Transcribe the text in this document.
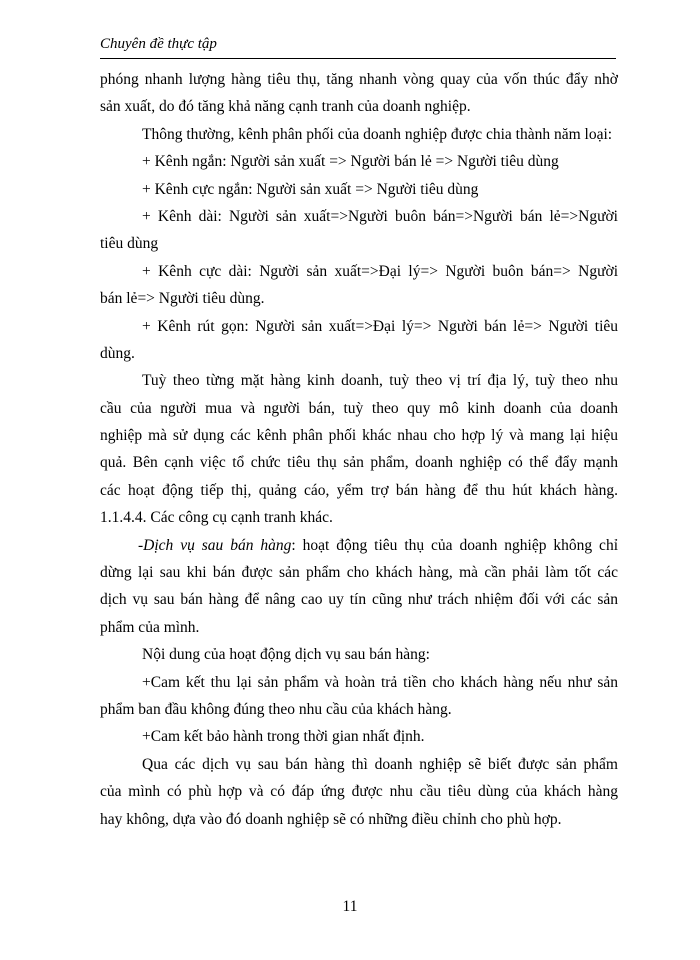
Chuyên đề thực tập
phóng nhanh lượng hàng tiêu thụ, tăng nhanh vòng quay của vốn thúc đẩy nhờ
sản xuất, do đó tăng khả năng cạnh tranh của doanh nghiệp.
Thông thường, kênh phân phối của doanh nghiệp được chia thành năm loại:
+ Kênh ngắn: Người sản xuất => Người bán lẻ => Người tiêu dùng
+ Kênh cực ngắn: Người sản xuất => Người tiêu dùng
+ Kênh dài: Người sản xuất=>Người buôn bán=>Người bán lẻ=>Người
tiêu dùng
+ Kênh cực dài: Người sản xuất=>Đại lý=> Người buôn bán=> Người
bán lẻ=> Người tiêu dùng.
+ Kênh rút gọn: Người sản xuất=>Đại lý=> Người bán lẻ=> Người tiêu
dùng.
Tuỳ theo từng mặt hàng kinh doanh, tuỳ theo vị trí địa lý, tuỳ theo nhu
cầu của người mua và người bán, tuỳ theo quy mô kinh doanh của doanh
nghiệp mà sử dụng các kênh phân phối khác nhau cho hợp lý và mang lại hiệu
quả. Bên cạnh việc tổ chức tiêu thụ sản phẩm, doanh nghiệp có thể đẩy mạnh
các hoạt động tiếp thị, quảng cáo, yểm trợ bán hàng để thu hút khách hàng.
1.1.4.4. Các công cụ cạnh tranh khác.
-Dịch vụ sau bán hàng: hoạt động tiêu thụ của doanh nghiệp không chỉ
dừng lại sau khi bán được sản phẩm cho khách hàng, mà cần phải làm tốt các
dịch vụ sau bán hàng để nâng cao uy tín cũng như trách nhiệm đối với các sản
phẩm của mình.
Nội dung của hoạt động dịch vụ sau bán hàng:
+Cam kết thu lại sản phẩm và hoàn trả tiền cho khách hàng nếu như sản
phẩm ban đầu không đúng theo nhu cầu của khách hàng.
+Cam kết bảo hành trong thời gian nhất định.
Qua các dịch vụ sau bán hàng thì doanh nghiệp sẽ biết được sản phẩm
của mình có phù hợp và có đáp ứng được nhu cầu tiêu dùng của khách hàng
hay không, dựa vào đó doanh nghiệp sẽ có những điều chỉnh cho phù hợp.
11
